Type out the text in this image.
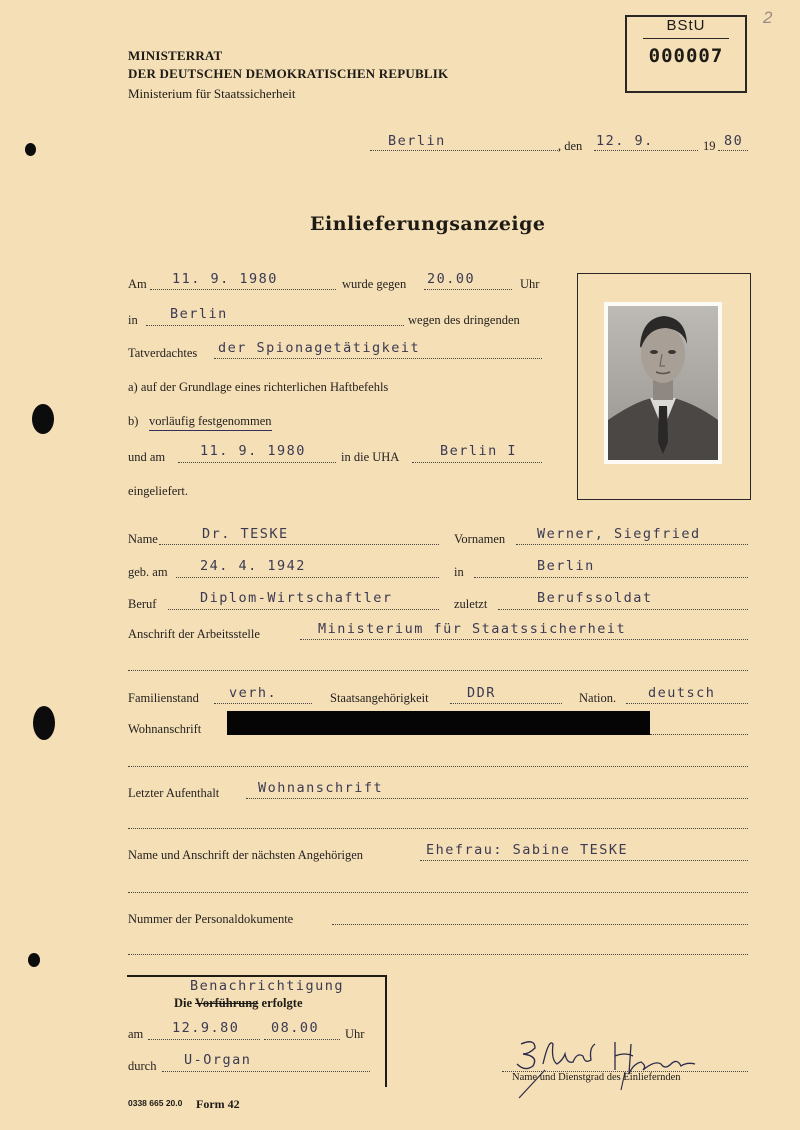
MINISTERRAT
DER DEUTSCHEN DEMOKRATISCHEN REPUBLIK
Ministerium für Staatssicherheit
BStU
000007
2
Berlin	, den 12. 9.	19 80
Einlieferungsanzeige
Am 11. 9. 1980	wurde gegen 20.00	Uhr
in Berlin	wegen des dringenden
Tatverdachtes der Spionagetätigkeit
a) auf der Grundlage eines richterlichen Haftbefehls
b) vorläufig festgenommen
und am	11. 9. 1980	in die UHA	Berlin I
eingeliefert.
Name	Dr. TESKE	Vornamen Werner, Siegfried
geb. am 24. 4. 1942	in	Berlin
Beruf	Diplom-Wirtschaftler	zuletzt	Berufssoldat
Anschrift der Arbeitsstelle	Ministerium für Staatssicherheit
Familienstand verh.	Staatsangehörigkeit	DDR	Nation. deutsch
Wohnanschrift
Letzter Aufenthalt	Wohnanschrift
Name und Anschrift der nächsten Angehörigen	Ehefrau: Sabine TESKE
Nummer der Personaldokumente
Benachrichtigung
Die Vorführung erfolgte
am 12.9.80 08.00 Uhr
durch U-Organ
Name und Dienstgrad des Einliefernden
0338 665 20.0 Form 42
